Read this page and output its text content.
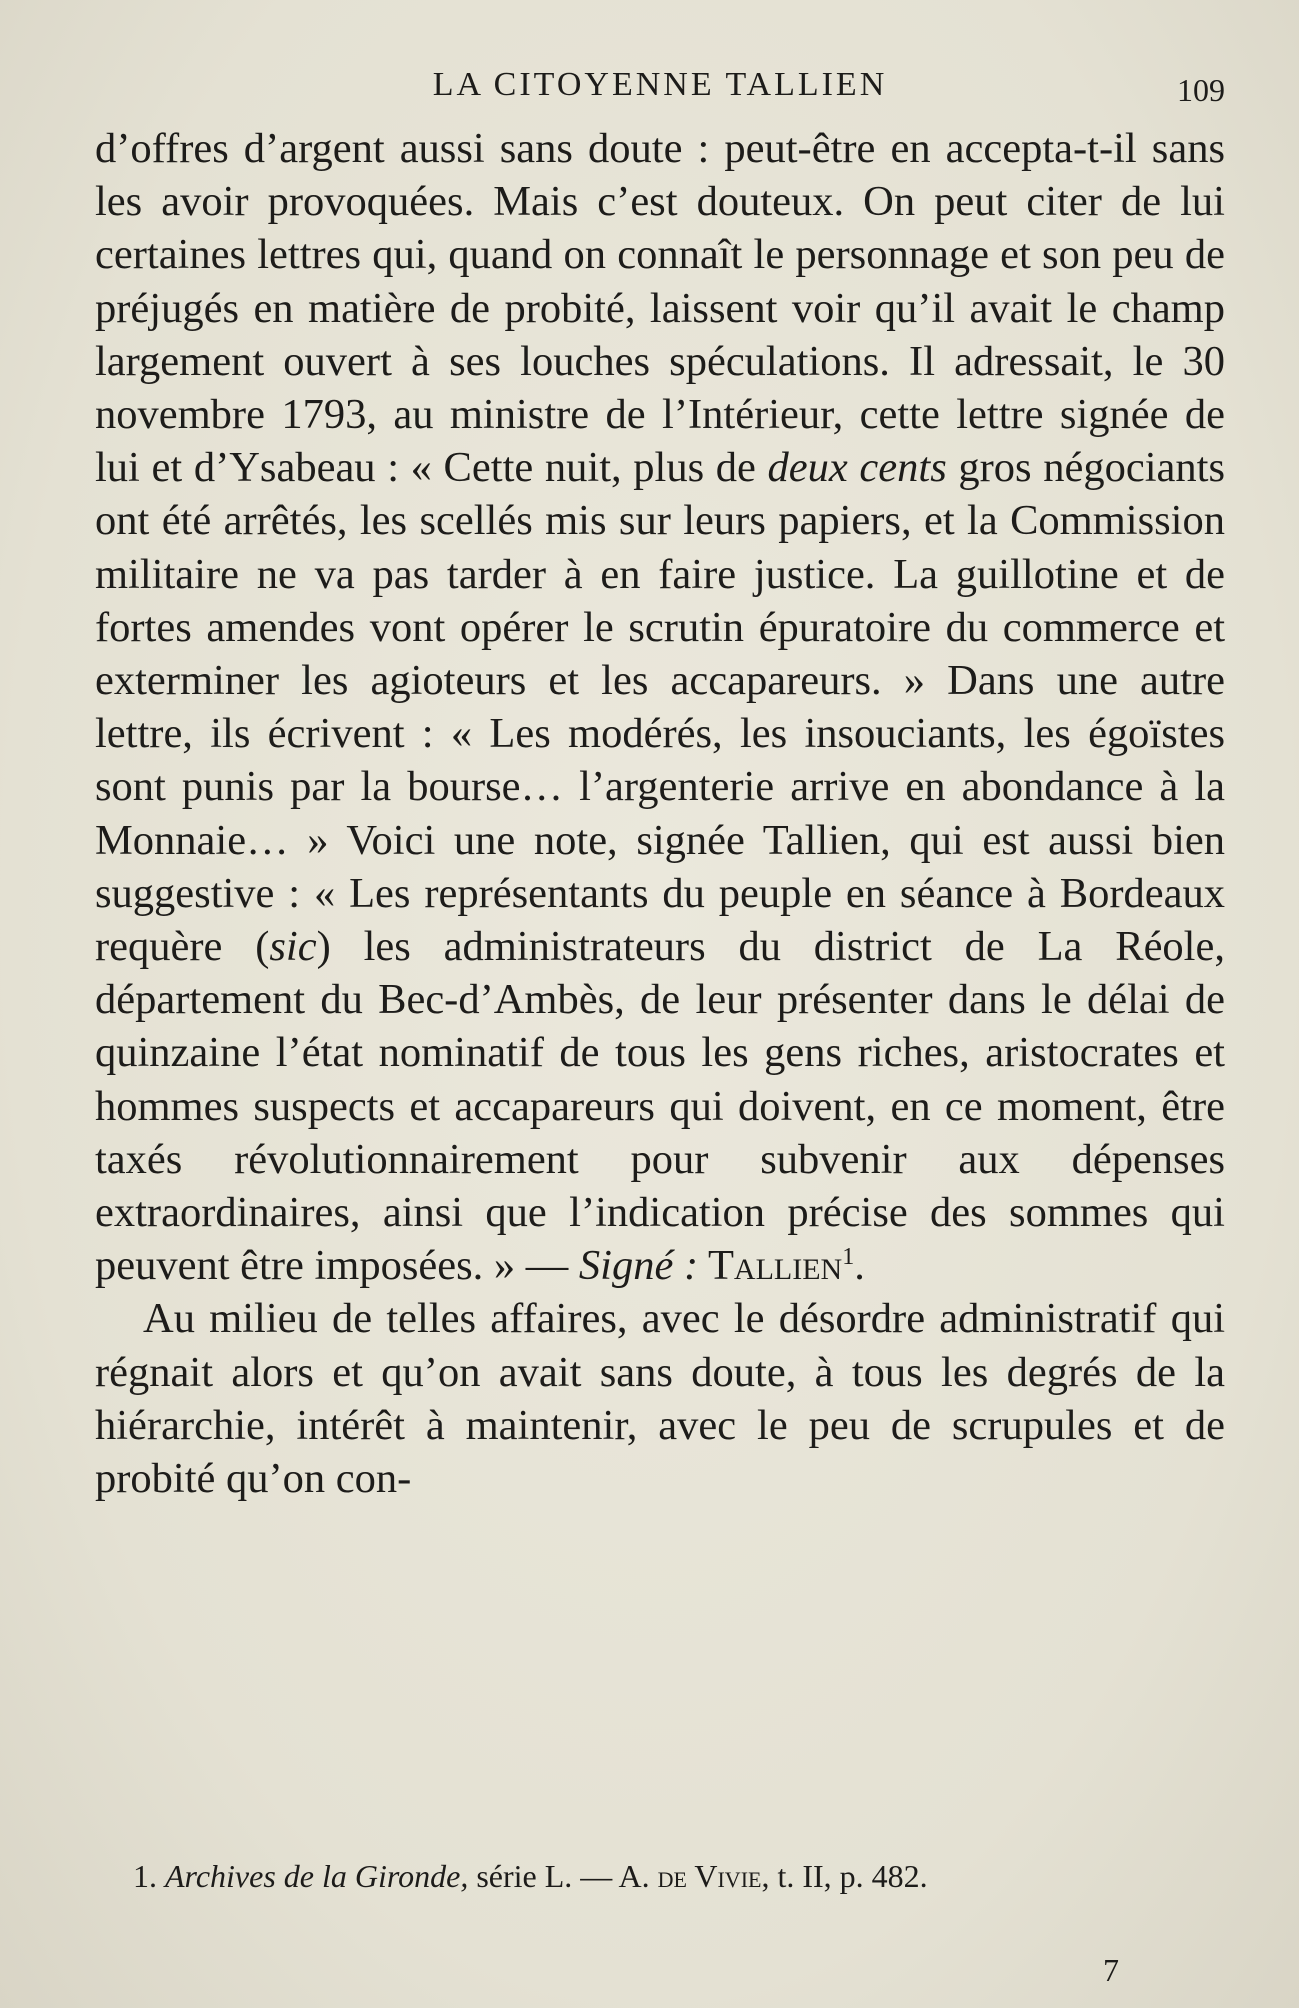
LA CITOYENNE TALLIEN	109

d’offres d’argent aussi sans doute : peut-être en accepta-t-il sans les avoir provoquées. Mais c’est douteux. On peut citer de lui certaines lettres qui, quand on connaît le personnage et son peu de préjugés en matière de probité, laissent voir qu’il avait le champ largement ouvert à ses louches spéculations. Il adressait, le 30 novembre 1793, au ministre de l’Intérieur, cette lettre signée de lui et d’Ysabeau : « Cette nuit, plus de deux cents gros négociants ont été arrêtés, les scellés mis sur leurs papiers, et la Commission militaire ne va pas tarder à en faire justice. La guillotine et de fortes amendes vont opérer le scrutin épuratoire du commerce et exterminer les agioteurs et les accapareurs. » Dans une autre lettre, ils écrivent : « Les modérés, les insouciants, les égoïstes sont punis par la bourse… l’argenterie arrive en abondance à la Monnaie… » Voici une note, signée Tallien, qui est aussi bien suggestive : « Les représentants du peuple en séance à Bordeaux requère (sic) les administrateurs du district de La Réole, département du Bec-d’Ambès, de leur présenter dans le délai de quinzaine l’état nominatif de tous les gens riches, aristocrates et hommes suspects et accapareurs qui doivent, en ce moment, être taxés révolutionnairement pour subvenir aux dépenses extraordinaires, ainsi que l’indication précise des sommes qui peuvent être imposées. » — Signé : Tallien$^1$.

Au milieu de telles affaires, avec le désordre administratif qui régnait alors et qu’on avait sans doute, à tous les degrés de la hiérarchie, intérêt à maintenir, avec le peu de scrupules et de probité qu’on con-

1. Archives de la Gironde, série L. — A. de Vivie, t. II, p. 482.
7
